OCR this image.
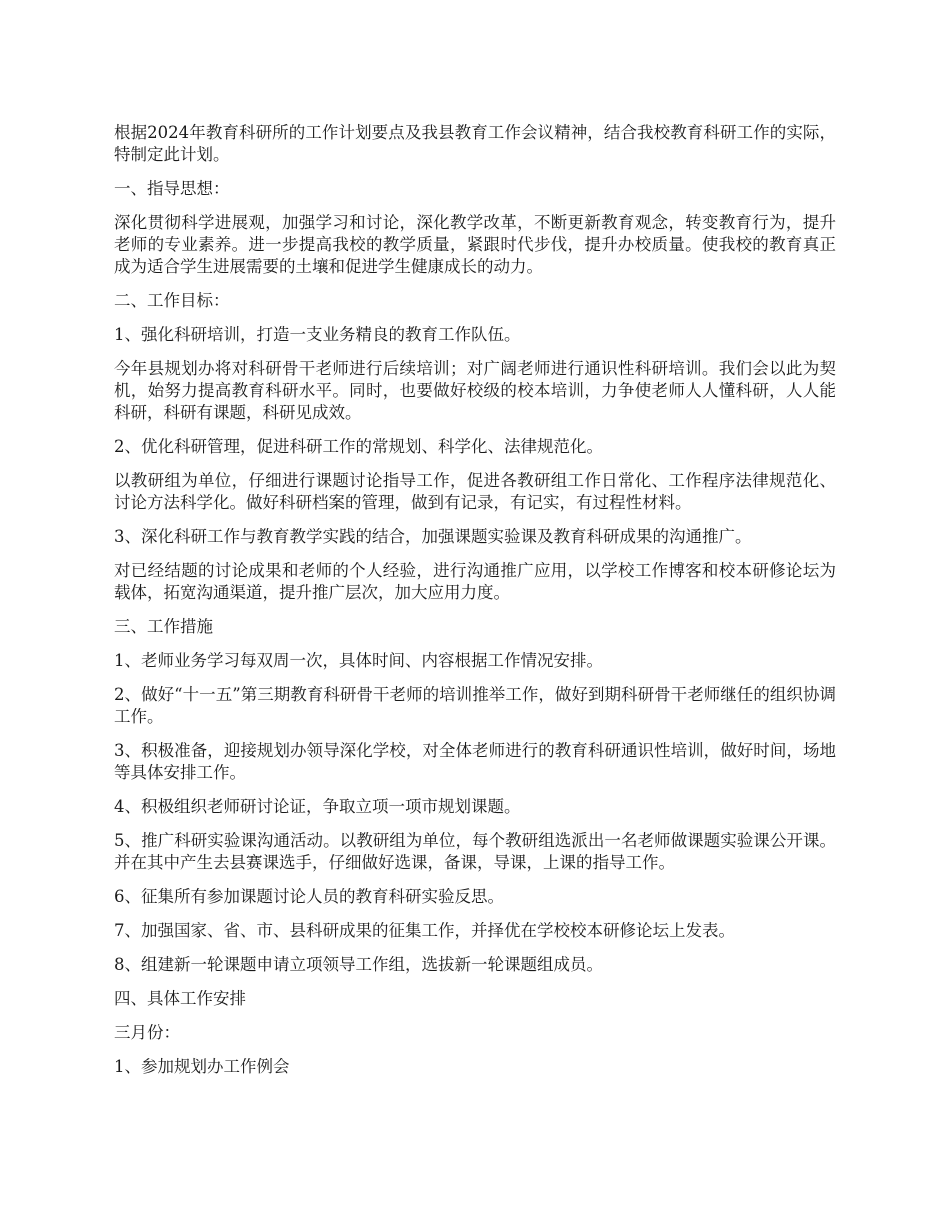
根据2024年教育科研所的工作计划要点及我县教育工作会议精神，结合我校教育科研工作的实际，特制定此计划。

一、指导思想：

深化贯彻科学进展观，加强学习和讨论，深化教学改革，不断更新教育观念，转变教育行为，提升老师的专业素养。进一步提高我校的教学质量，紧跟时代步伐，提升办校质量。使我校的教育真正成为适合学生进展需要的土壤和促进学生健康成长的动力。

二、工作目标：

1、强化科研培训，打造一支业务精良的教育工作队伍。

今年县规划办将对科研骨干老师进行后续培训；对广阔老师进行通识性科研培训。我们会以此为契机，始努力提高教育科研水平。同时，也要做好校级的校本培训，力争使老师人人懂科研，人人能科研，科研有课题，科研见成效。

2、优化科研管理，促进科研工作的常规划、科学化、法律规范化。

以教研组为单位，仔细进行课题讨论指导工作，促进各教研组工作日常化、工作程序法律规范化、讨论方法科学化。做好科研档案的管理，做到有记录，有记实，有过程性材料。

3、深化科研工作与教育教学实践的结合，加强课题实验课及教育科研成果的沟通推广。

对已经结题的讨论成果和老师的个人经验，进行沟通推广应用，以学校工作博客和校本研修论坛为载体，拓宽沟通渠道，提升推广层次，加大应用力度。

三、工作措施

1、老师业务学习每双周一次，具体时间、内容根据工作情况安排。

2、做好“十一五”第三期教育科研骨干老师的培训推举工作，做好到期科研骨干老师继任的组织协调工作。

3、积极准备，迎接规划办领导深化学校，对全体老师进行的教育科研通识性培训，做好时间，场地等具体安排工作。

4、积极组织老师研讨论证，争取立项一项市规划课题。

5、推广科研实验课沟通活动。以教研组为单位，每个教研组选派出一名老师做课题实验课公开课。并在其中产生去县赛课选手，仔细做好选课，备课，导课，上课的指导工作。

6、征集所有参加课题讨论人员的教育科研实验反思。

7、加强国家、省、市、县科研成果的征集工作，并择优在学校校本研修论坛上发表。

8、组建新一轮课题申请立项领导工作组，选拔新一轮课题组成员。

四、具体工作安排

三月份：

1、参加规划办工作例会
